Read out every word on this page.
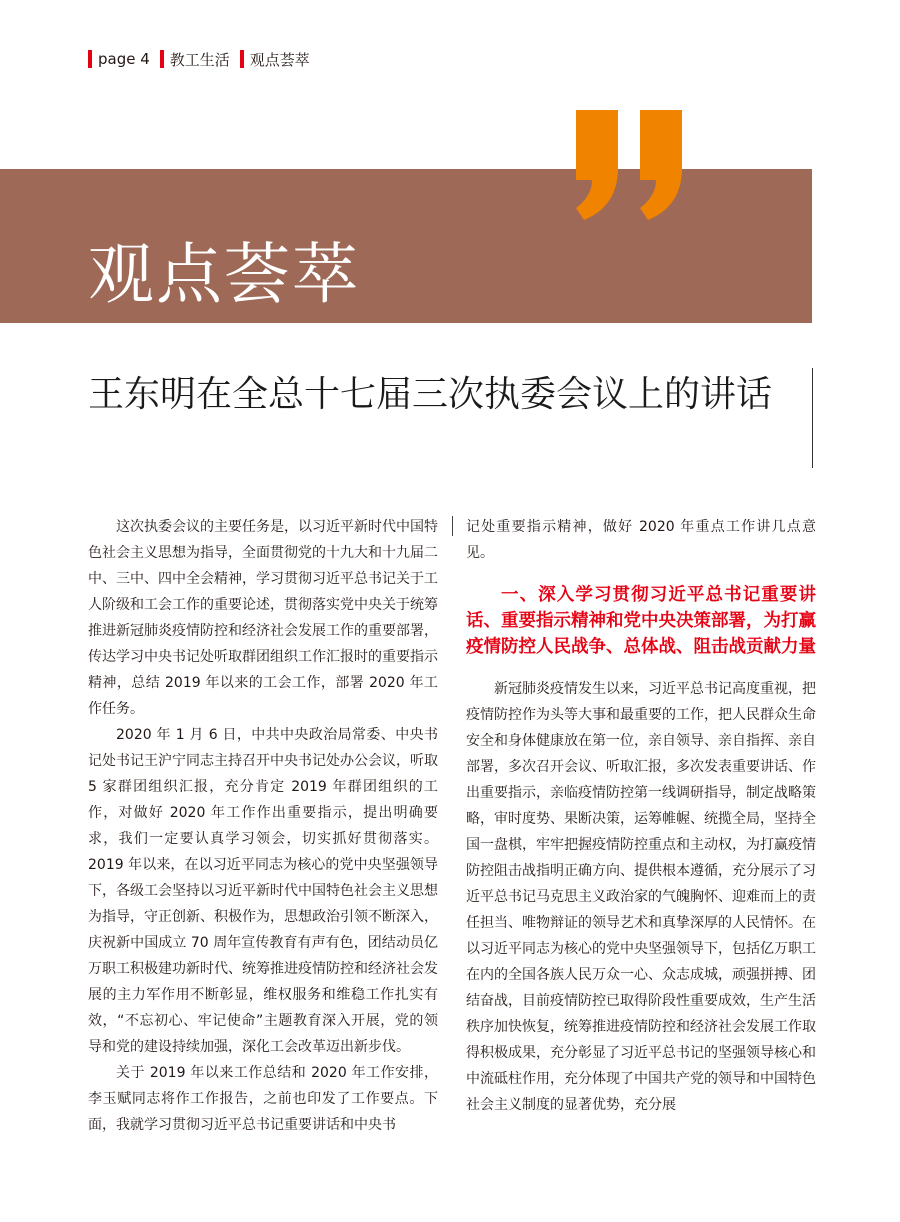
page 4 教工生活 观点荟萃
观点荟萃
王东明在全总十七届三次执委会议上的讲话

这次执委会议的主要任务是，以习近平新时代中国特色社会主义思想为指导，全面贯彻党的十九大和十九届二中、三中、四中全会精神，学习贯彻习近平总书记关于工人阶级和工会工作的重要论述，贯彻落实党中央关于统筹推进新冠肺炎疫情防控和经济社会发展工作的重要部署，传达学习中央书记处听取群团组织工作汇报时的重要指示精神，总结 2019 年以来的工会工作，部署 2020 年工作任务。

2020 年 1 月 6 日，中共中央政治局常委、中央书记处书记王沪宁同志主持召开中央书记处办公会议，听取 5 家群团组织汇报，充分肯定 2019 年群团组织的工作，对做好 2020 年工作作出重要指示，提出明确要求，我们一定要认真学习领会，切实抓好贯彻落实。2019 年以来，在以习近平同志为核心的党中央坚强领导下，各级工会坚持以习近平新时代中国特色社会主义思想为指导，守正创新、积极作为，思想政治引领不断深入，庆祝新中国成立 70 周年宣传教育有声有色，团结动员亿万职工积极建功新时代、统筹推进疫情防控和经济社会发展的主力军作用不断彰显，维权服务和维稳工作扎实有效，“不忘初心、牢记使命”主题教育深入开展，党的领导和党的建设持续加强，深化工会改革迈出新步伐。

关于 2019 年以来工作总结和 2020 年工作安排，李玉赋同志将作工作报告，之前也印发了工作要点。下面，我就学习贯彻习近平总书记重要讲话和中央书

记处重要指示精神，做好 2020 年重点工作讲几点意见。

一、深入学习贯彻习近平总书记重要讲话、重要指示精神和党中央决策部署，为打赢疫情防控人民战争、总体战、阻击战贡献力量

新冠肺炎疫情发生以来，习近平总书记高度重视，把疫情防控作为头等大事和最重要的工作，把人民群众生命安全和身体健康放在第一位，亲自领导、亲自指挥、亲自部署，多次召开会议、听取汇报，多次发表重要讲话、作出重要指示，亲临疫情防控第一线调研指导，制定战略策略，审时度势、果断决策，运筹帷幄、统揽全局，坚持全国一盘棋，牢牢把握疫情防控重点和主动权，为打赢疫情防控阻击战指明正确方向、提供根本遵循，充分展示了习近平总书记马克思主义政治家的气魄胸怀、迎难而上的责任担当、唯物辩证的领导艺术和真挚深厚的人民情怀。在以习近平同志为核心的党中央坚强领导下，包括亿万职工在内的全国各族人民万众一心、众志成城，顽强拼搏、团结奋战，目前疫情防控已取得阶段性重要成效，生产生活秩序加快恢复，统筹推进疫情防控和经济社会发展工作取得积极成果，充分彰显了习近平总书记的坚强领导核心和中流砥柱作用，充分体现了中国共产党的领导和中国特色社会主义制度的显著优势，充分展
